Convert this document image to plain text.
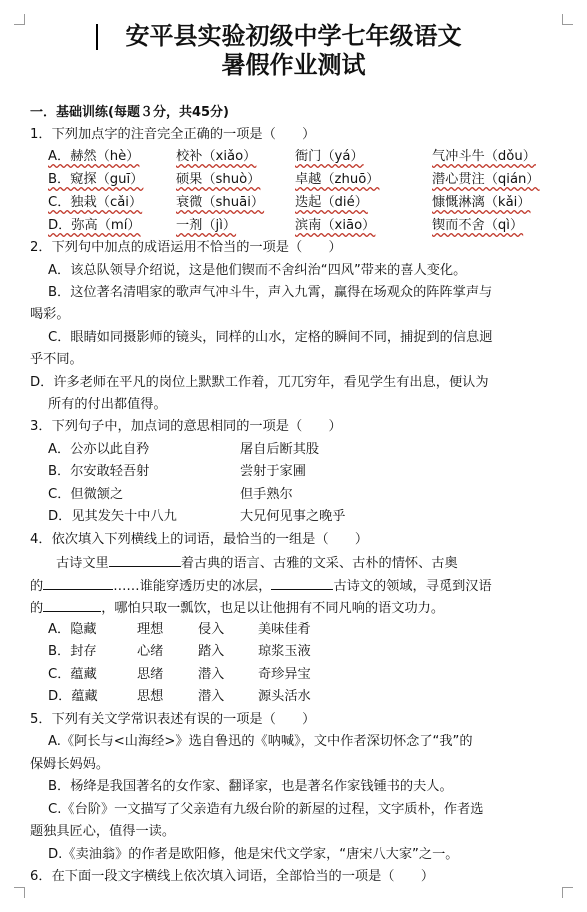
安平县实验初级中学七年级语文
暑假作业测试
一．基础训练(每题３分，共45分)
1．下列加点字的注音完全正确的一项是（　　）
A．赫然（hè）	校补（xiǎo）	衙门（yá）	气冲斗牛（dǒu）
B．窥探（guī） 硕果（shuò）	卓越（zhuō）	潜心贯注（qián）
C．独栽（cǎi）	衰微（shuāi） 迭起（dié）	慷慨淋漓（kǎi）
D．弥高（mí）	一剂（jì）	滨南（xiāo）	锲而不舍（qì）
2．下列句中加点的成语运用不恰当的一项是（　　）
A．该总队领导介绍说，这是他们锲而不舍纠治“四风”带来的喜人变化。
B．这位著名清唱家的歌声气冲斗牛，声入九霄，赢得在场观众的阵阵掌声与
喝彩。
C．眼睛如同摄影师的镜头，同样的山水，定格的瞬间不同，捕捉到的信息迥
乎不同。
D．许多老师在平凡的岗位上默默工作着，兀兀穷年，看见学生有出息，便认为
所有的付出都值得。
3．下列句子中，加点词的意思相同的一项是（　　）
A．公亦以此自矜	屠自后断其股
B．尔安敢轻吾射	尝射于家圃
C．但微颔之	但手熟尔
D．见其发矢十中八九	大兄何见事之晚乎
4．依次填入下列横线上的词语，最恰当的一组是（　　）
古诗文里	着古典的语言、古雅的文采、古朴的情怀、古奥
的	……谁能穿透历史的冰层，	古诗文的领域，寻觅到汉语
的	，哪怕只取一瓢饮，也足以让他拥有不同凡响的语文功力。
A．隐藏	理想	侵入	美味佳肴
B．封存	心绪	踏入	琼浆玉液
C．蕴藏	思绪	潜入	奇珍异宝
D．蕴藏	思想	潜入	源头活水
5．下列有关文学常识表述有误的一项是（　　）
A.《阿长与<山海经>》选自鲁迅的《呐喊》，文中作者深切怀念了“我”的
保姆长妈妈。
B．杨绛是我国著名的女作家、翻译家，也是著名作家钱锺书的夫人。
C.《台阶》一文描写了父亲造有九级台阶的新屋的过程，文字质朴，作者选
题独具匠心，值得一读。
D.《卖油翁》的作者是欧阳修，他是宋代文学家，“唐宋八大家”之一。
6．在下面一段文字横线上依次填入词语，全部恰当的一项是（　　）
